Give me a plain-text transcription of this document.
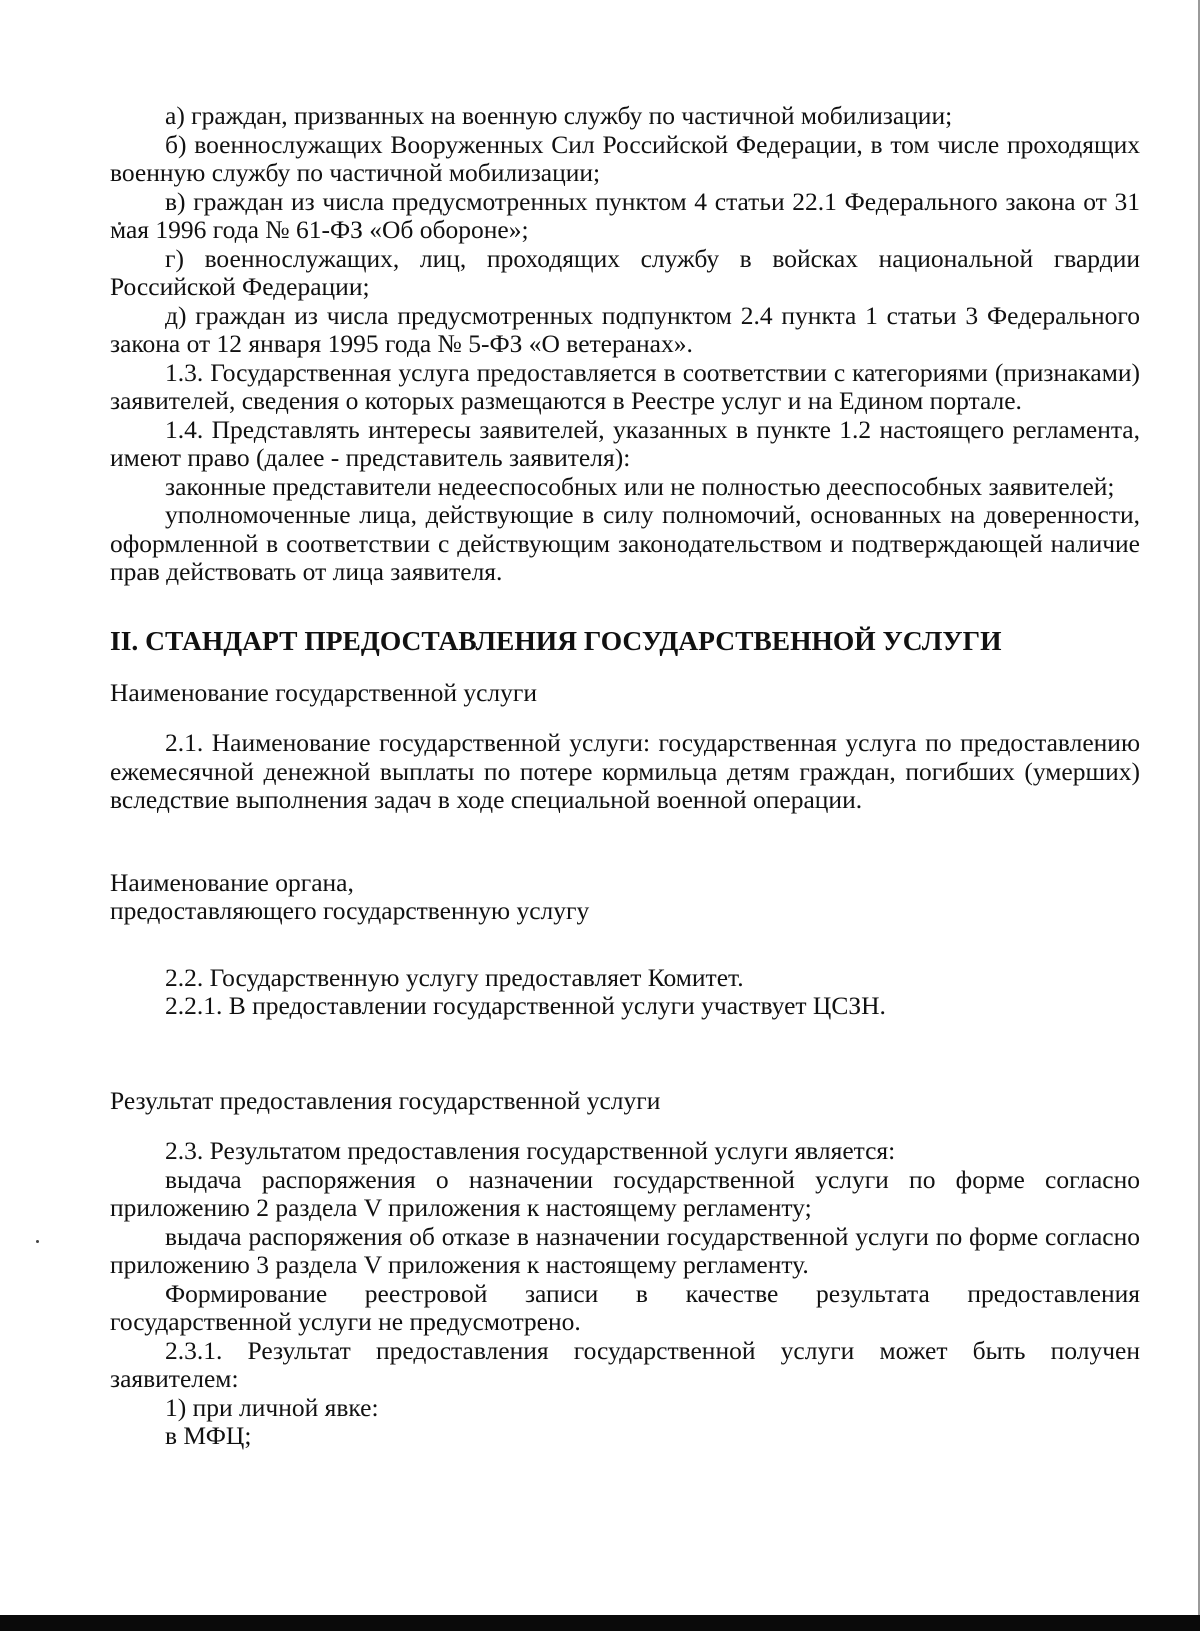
а) граждан, призванных на военную службу по частичной мобилизации;

б) военнослужащих Вооруженных Сил Российской Федерации, в том числе проходящих военную службу по частичной мобилизации;

в) граждан из числа предусмотренных пунктом 4 статьи 22.1 Федерального закона от 31 мая 1996 года № 61-ФЗ «Об обороне»;

г) военнослужащих, лиц, проходящих службу в войсках национальной гвардии Российской Федерации;

д) граждан из числа предусмотренных подпунктом 2.4 пункта 1 статьи 3 Федерального закона от 12 января 1995 года № 5-ФЗ «О ветеранах».

1.3. Государственная услуга предоставляется в соответствии с категориями (признаками) заявителей, сведения о которых размещаются в Реестре услуг и на Едином портале.

1.4. Представлять интересы заявителей, указанных в пункте 1.2 настоящего регламента, имеют право (далее - представитель заявителя):

законные представители недееспособных или не полностью дееспособных заявителей;

уполномоченные лица, действующие в силу полномочий, основанных на доверенности, оформленной в соответствии с действующим законодательством и подтверждающей наличие прав действовать от лица заявителя.

II. СТАНДАРТ ПРЕДОСТАВЛЕНИЯ ГОСУДАРСТВЕННОЙ УСЛУГИ

Наименование государственной услуги

2.1. Наименование государственной услуги: государственная услуга по предоставлению ежемесячной денежной выплаты по потере кормильца детям граждан, погибших (умерших) вследствие выполнения задач в ходе специальной военной операции.

Наименование органа,

предоставляющего государственную услугу

2.2. Государственную услугу предоставляет Комитет.

2.2.1. В предоставлении государственной услуги участвует ЦСЗН.

Результат предоставления государственной услуги

2.3. Результатом предоставления государственной услуги является:

выдача распоряжения о назначении государственной услуги по форме согласно приложению 2 раздела V приложения к настоящему регламенту;

выдача распоряжения об отказе в назначении государственной услуги по форме согласно приложению 3 раздела V приложения к настоящему регламенту.

Формирование реестровой записи в качестве результата предоставления государственной услуги не предусмотрено.

2.3.1. Результат предоставления государственной услуги может быть получен заявителем:

1) при личной явке:

в МФЦ;
